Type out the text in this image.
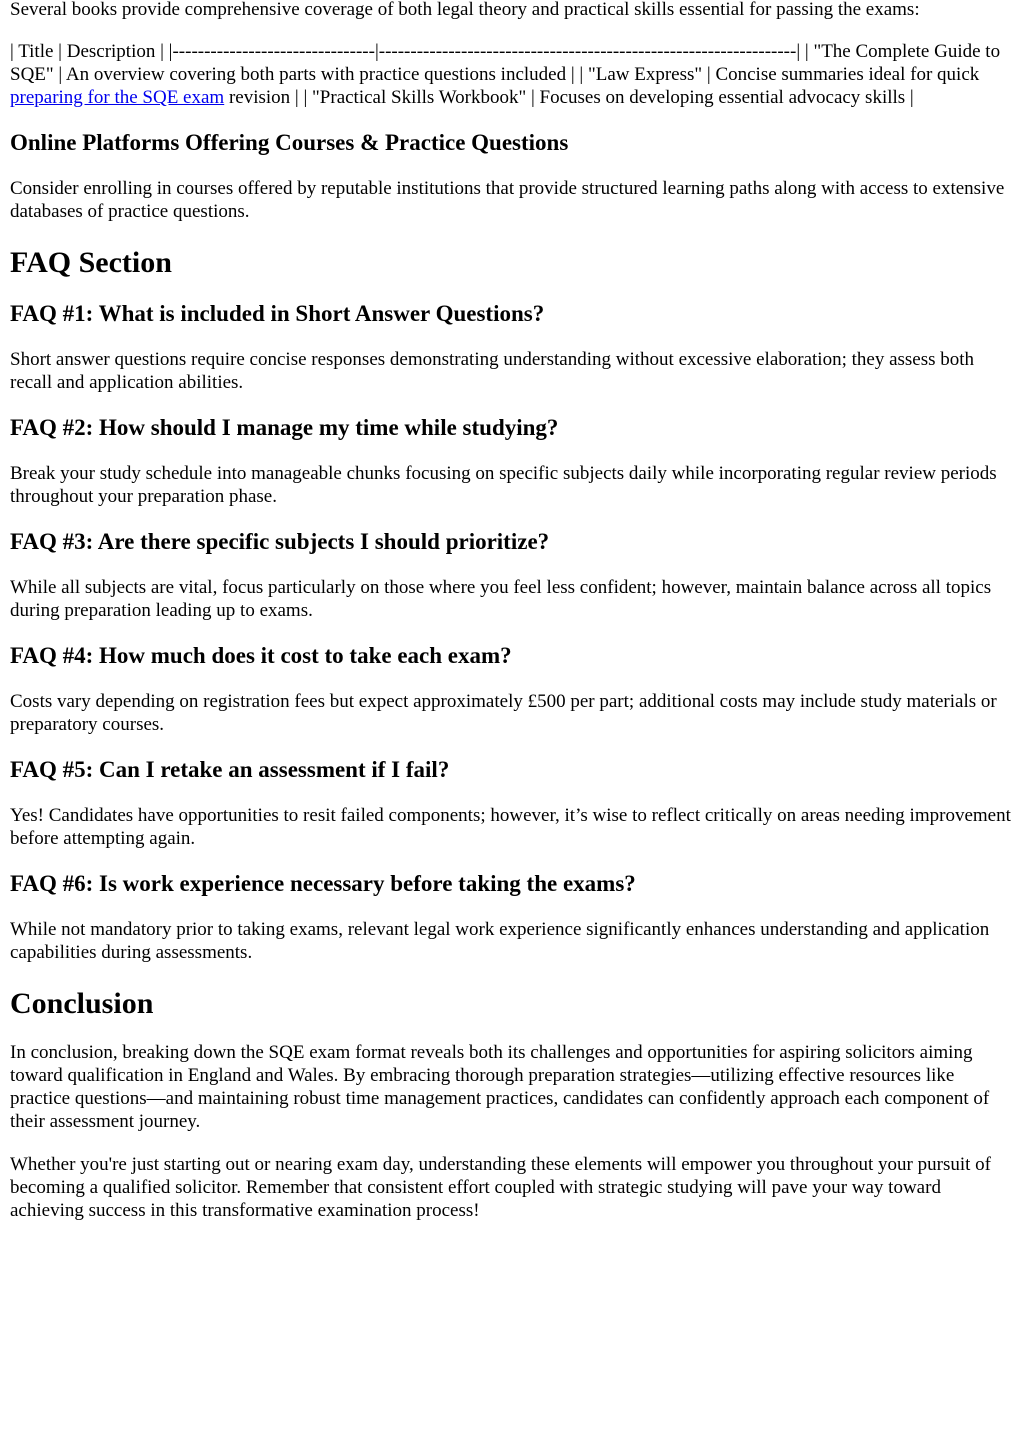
Several books provide comprehensive coverage of both legal theory and practical skills essential for passing the exams:

| Title | Description | |--------------------------------|------------------------------------------------------------------| | "The Complete Guide to SQE" | An overview covering both parts with practice questions included | | "Law Express" | Concise summaries ideal for quick preparing for the SQE exam revision | | "Practical Skills Workbook" | Focuses on developing essential advocacy skills |

Online Platforms Offering Courses & Practice Questions

Consider enrolling in courses offered by reputable institutions that provide structured learning paths along with access to extensive databases of practice questions.

FAQ Section
FAQ #1: What is included in Short Answer Questions?

Short answer questions require concise responses demonstrating understanding without excessive elaboration; they assess both recall and application abilities.

FAQ #2: How should I manage my time while studying?

Break your study schedule into manageable chunks focusing on specific subjects daily while incorporating regular review periods throughout your preparation phase.

FAQ #3: Are there specific subjects I should prioritize?

While all subjects are vital, focus particularly on those where you feel less confident; however, maintain balance across all topics during preparation leading up to exams.

FAQ #4: How much does it cost to take each exam?

Costs vary depending on registration fees but expect approximately £500 per part; additional costs may include study materials or preparatory courses.

FAQ #5: Can I retake an assessment if I fail?

Yes! Candidates have opportunities to resit failed components; however, it’s wise to reflect critically on areas needing improvement before attempting again.

FAQ #6: Is work experience necessary before taking the exams?

While not mandatory prior to taking exams, relevant legal work experience significantly enhances understanding and application capabilities during assessments.

Conclusion

In conclusion, breaking down the SQE exam format reveals both its challenges and opportunities for aspiring solicitors aiming toward qualification in England and Wales. By embracing thorough preparation strategies—utilizing effective resources like practice questions—and maintaining robust time management practices, candidates can confidently approach each component of their assessment journey.

Whether you're just starting out or nearing exam day, understanding these elements will empower you throughout your pursuit of becoming a qualified solicitor. Remember that consistent effort coupled with strategic studying will pave your way toward achieving success in this transformative examination process!
